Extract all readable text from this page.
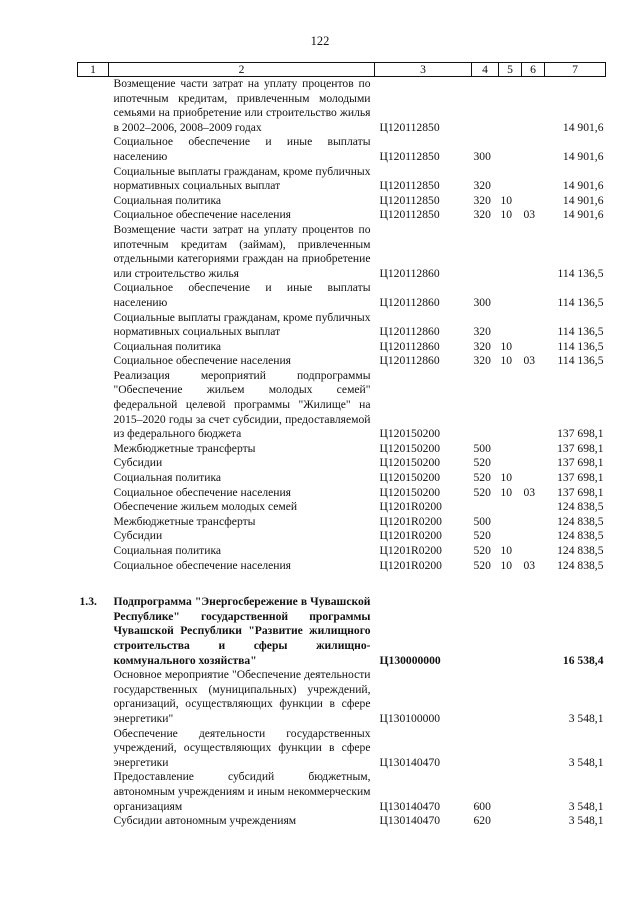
122
1	2	3	4	5	6	7
	Возмещение части затрат на уплату процентов по ипотечным кредитам, привлеченным молодыми семьями на приобретение или строительство жилья в 2002–2006, 2008–2009 годах	Ц120112850				14 901,6
	Социальное обеспечение и иные выплаты населению	Ц120112850	300			14 901,6
	Социальные выплаты гражданам, кроме публичных нормативных социальных выплат	Ц120112850	320			14 901,6
	Социальная политика	Ц120112850	320	10		14 901,6
	Социальное обеспечение населения	Ц120112850	320	10	03	14 901,6
	Возмещение части затрат на уплату процентов по ипотечным кредитам (займам), привлеченным отдельными категориями граждан на приобретение или строительство жилья	Ц120112860				114 136,5
	Социальное обеспечение и иные выплаты населению	Ц120112860	300			114 136,5
	Социальные выплаты гражданам, кроме публичных нормативных социальных выплат	Ц120112860	320			114 136,5
	Социальная политика	Ц120112860	320	10		114 136,5
	Социальное обеспечение населения	Ц120112860	320	10	03	114 136,5
	Реализация мероприятий подпрограммы "Обеспечение жильем молодых семей" федеральной целевой программы "Жилище" на 2015–2020 годы за счет субсидии, предоставляемой из федерального бюджета	Ц120150200				137 698,1
	Межбюджетные трансферты	Ц120150200	500			137 698,1
	Субсидии	Ц120150200	520			137 698,1
	Социальная политика	Ц120150200	520	10		137 698,1
	Социальное обеспечение населения	Ц120150200	520	10	03	137 698,1
	Обеспечение жильем молодых семей	Ц1201R0200				124 838,5
	Межбюджетные трансферты	Ц1201R0200	500			124 838,5
	Субсидии	Ц1201R0200	520			124 838,5
	Социальная политика	Ц1201R0200	520	10		124 838,5
	Социальное обеспечение населения	Ц1201R0200	520	10	03	124 838,5

1.3.	Подпрограмма "Энергосбережение в Чувашской Республике" государственной программы Чувашской Республики "Развитие жилищного строительства и сферы жилищно-коммунального хозяйства"	Ц130000000				16 538,4
	Основное мероприятие "Обеспечение деятельности государственных (муниципальных) учреждений, организаций, осуществляющих функции в сфере энергетики"	Ц130100000				3 548,1
	Обеспечение деятельности государственных учреждений, осуществляющих функции в сфере энергетики	Ц130140470				3 548,1
	Предоставление субсидий бюджетным, автономным учреждениям и иным некоммерческим организациям	Ц130140470	600			3 548,1
	Субсидии автономным учреждениям	Ц130140470	620			3 548,1
